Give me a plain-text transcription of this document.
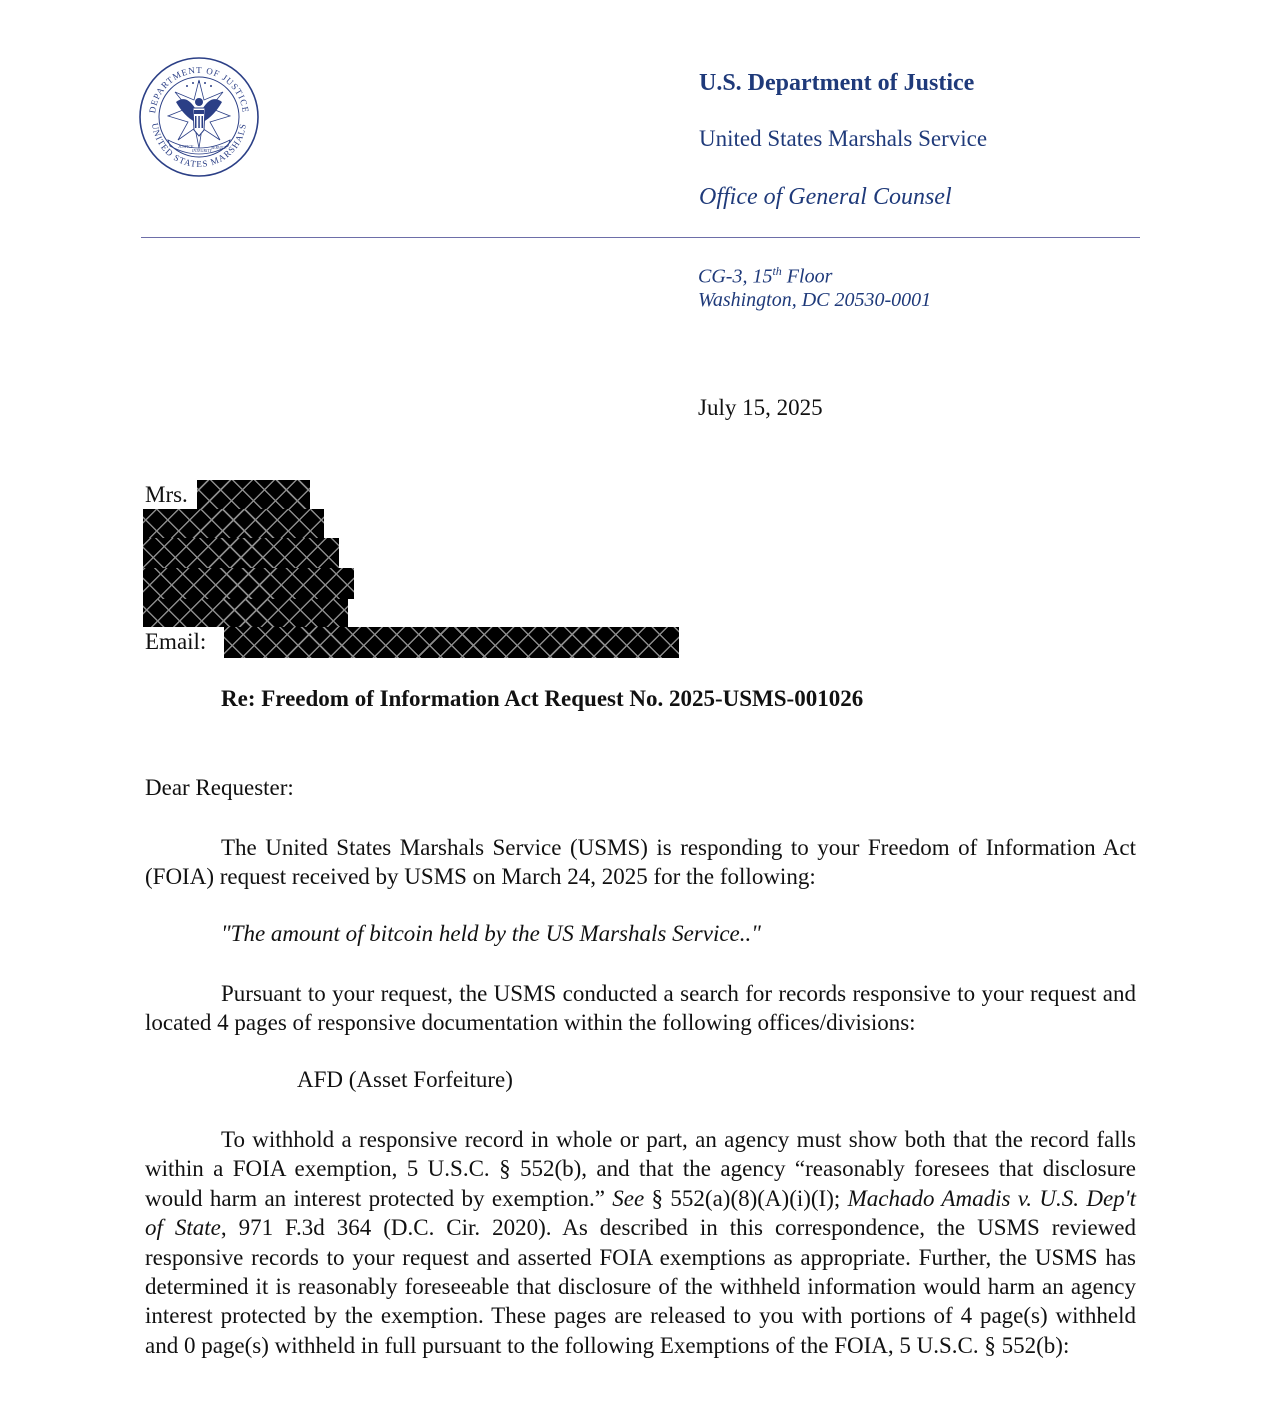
DEPARTMENT OF JUSTICE
UNITED STATES MARSHALS
JUSTICE
INTEGRITY
SERVICE
U.S. Department of Justice
United States Marshals Service
Office of General Counsel
CG-3, 15th Floor
Washington, DC 20530-0001
July 15, 2025
Mrs.
Email:
Re: Freedom of Information Act Request No. 2025-USMS-001026
Dear Requester:

The United States Marshals Service (USMS) is responding to your Freedom of Information Act (FOIA) request received by USMS on March 24, 2025 for the following:

"The amount of bitcoin held by the US Marshals Service.."

Pursuant to your request, the USMS conducted a search for records responsive to your request and located 4 pages of responsive documentation within the following offices/divisions:

AFD (Asset Forfeiture)

To withhold a responsive record in whole or part, an agency must show both that the record falls within a FOIA exemption, 5 U.S.C. § 552(b), and that the agency “reasonably foresees that disclosure would harm an interest protected by exemption.” See § 552(a)(8)(A)(i)(I); Machado Amadis v. U.S. Dep't of State, 971 F.3d 364 (D.C. Cir. 2020). As described in this correspondence, the USMS reviewed responsive records to your request and asserted FOIA exemptions as appropriate. Further, the USMS has determined it is reasonably foreseeable that disclosure of the withheld information would harm an agency interest protected by the exemption. These pages are released to you with portions of 4 page(s) withheld and 0 page(s) withheld in full pursuant to the following Exemptions of the FOIA, 5 U.S.C. § 552(b):
